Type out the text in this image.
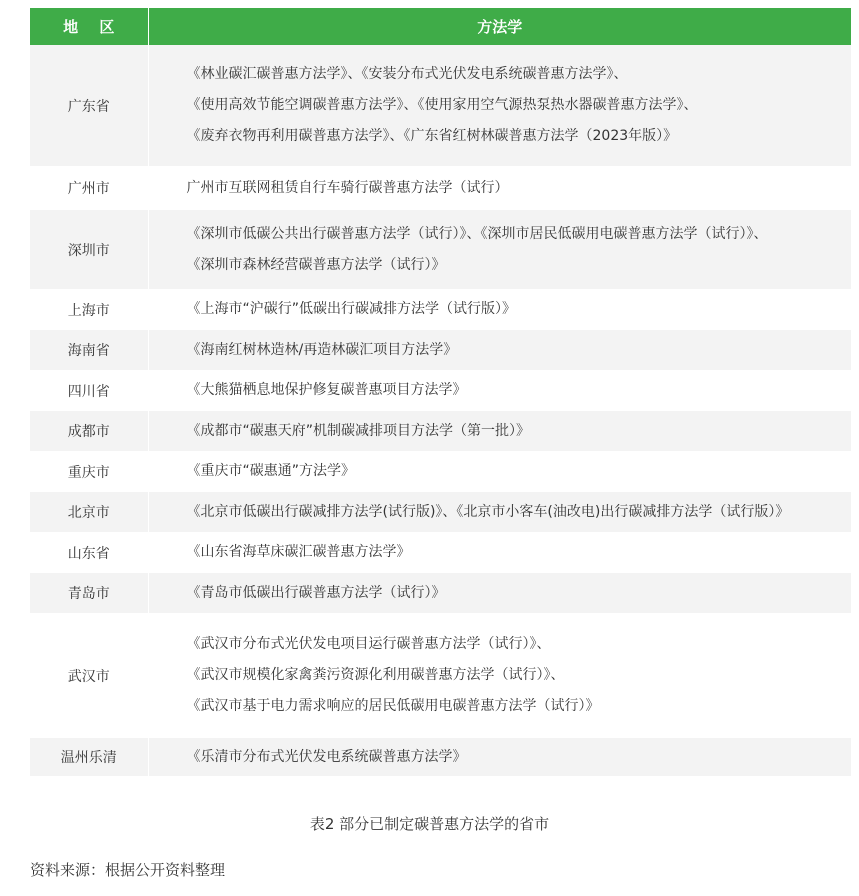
地 区	方法学
广东省	《林业碳汇碳普惠方法学》、《安装分布式光伏发电系统碳普惠方法学》、
《使用高效节能空调碳普惠方法学》、《使用家用空气源热泵热水器碳普惠方法学》、
《废弃衣物再利用碳普惠方法学》、《广东省红树林碳普惠方法学（2023年版）》

广州市	广州市互联网租赁自行车骑行碳普惠方法学（试行）

深圳市	《深圳市低碳公共出行碳普惠方法学（试行）》、《深圳市居民低碳用电碳普惠方法学（试行）》、
《深圳市森林经营碳普惠方法学（试行）》

上海市	《上海市“沪碳行”低碳出行碳减排方法学（试行版）》

海南省	《海南红树林造林/再造林碳汇项目方法学》

四川省	《大熊猫栖息地保护修复碳普惠项目方法学》

成都市	《成都市“碳惠天府”机制碳减排项目方法学（第一批）》

重庆市	《重庆市“碳惠通”方法学》

北京市	《北京市低碳出行碳减排方法学(试行版)》、《北京市小客车(油改电)出行碳减排方法学（试行版）》

山东省	《山东省海草床碳汇碳普惠方法学》

青岛市	《青岛市低碳出行碳普惠方法学（试行）》

武汉市	《武汉市分布式光伏发电项目运行碳普惠方法学（试行）》、
《武汉市规模化家禽粪污资源化利用碳普惠方法学（试行）》、
《武汉市基于电力需求响应的居民低碳用电碳普惠方法学（试行）》

温州乐清	《乐清市分布式光伏发电系统碳普惠方法学》
表2 部分已制定碳普惠方法学的省市
资料来源：根据公开资料整理
